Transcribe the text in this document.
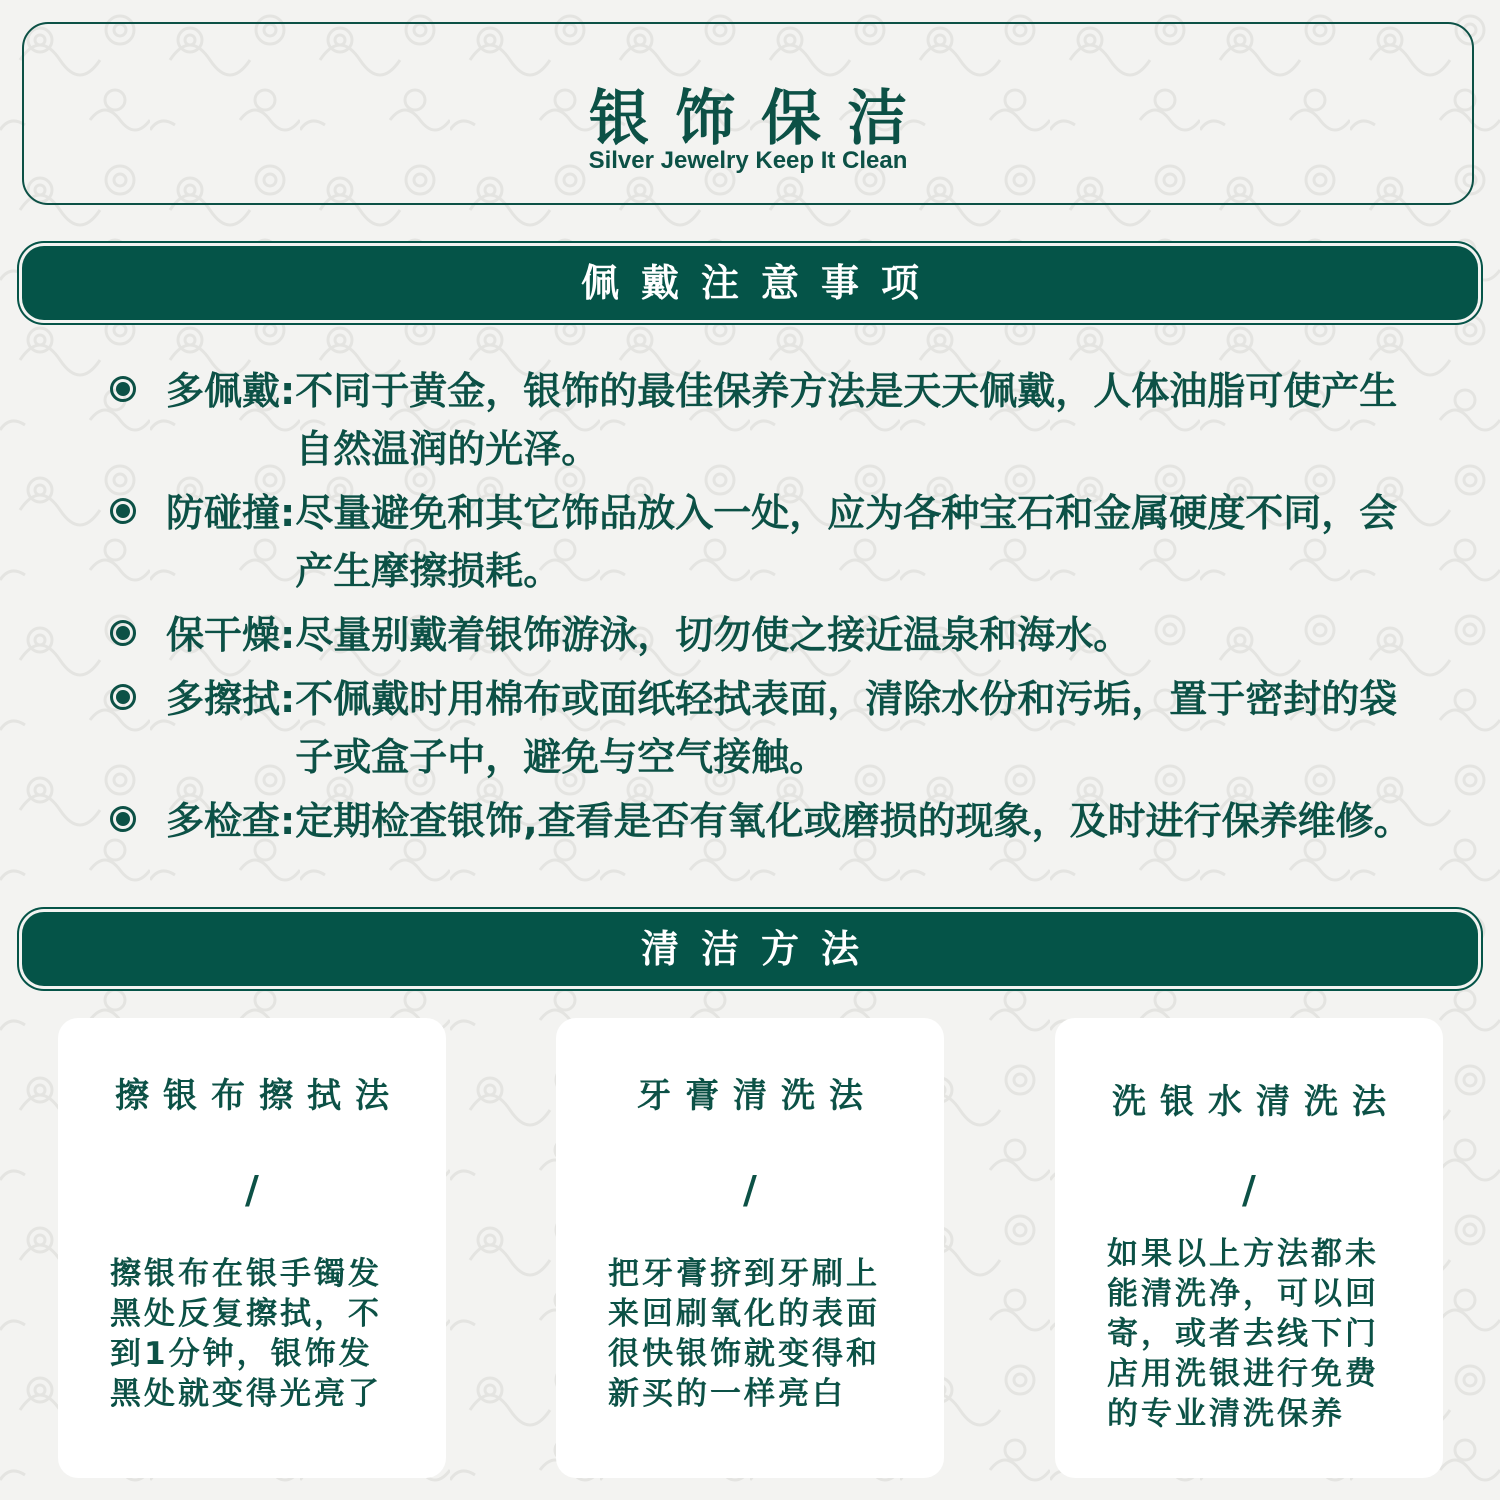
银饰保洁
Silver Jewelry Keep It Clean
佩戴注意事项
多佩戴: 不同于黄金，银饰的最佳保养方法是天天佩戴，人体油脂可使产生自然温润的光泽。
防碰撞: 尽量避免和其它饰品放入一处，应为各种宝石和金属硬度不同，会产生摩擦损耗。
保干燥: 尽量别戴着银饰游泳，切勿使之接近温泉和海水。
多擦拭: 不佩戴时用棉布或面纸轻拭表面，清除水份和污垢，置于密封的袋子或盒子中，避免与空气接触。
多检查: 定期检查银饰,查看是否有氧化或磨损的现象，及时进行保养维修。
清洁方法
擦银布擦拭法
/
擦银布在银手镯发黑处反复擦拭，不到1分钟，银饰发黑处就变得光亮了
牙膏清洗法
/
把牙膏挤到牙刷上来回刷氧化的表面很快银饰就变得和新买的一样亮白
洗银水清洗法
/
如果以上方法都未能清洗净，可以回寄，或者去线下门店用洗银进行免费的专业清洗保养
